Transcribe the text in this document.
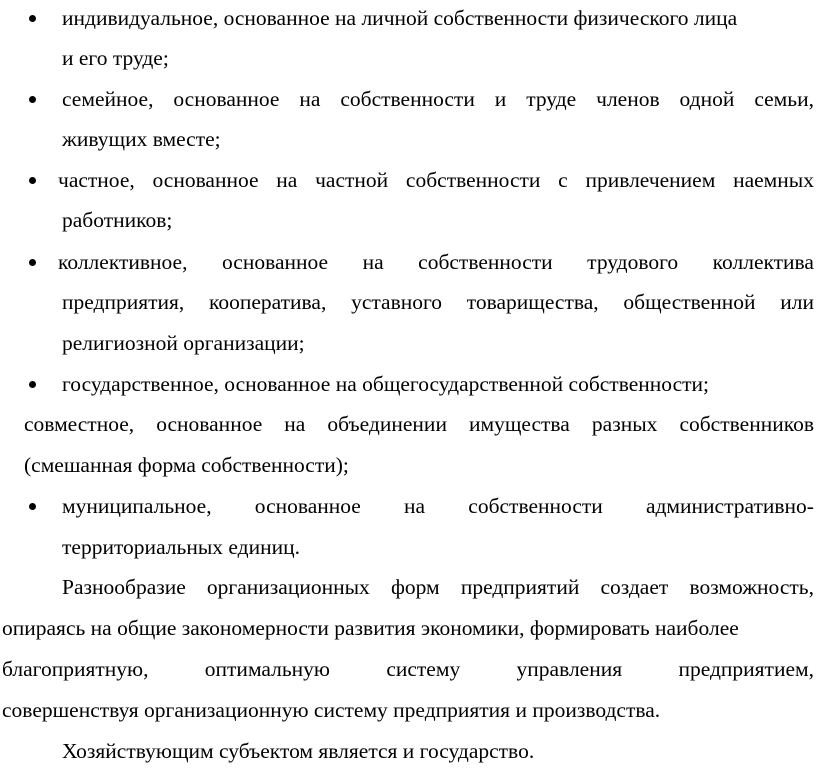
индивидуальное, основанное на личной собственности физического лица
и его труде;
семейное, основанное на собственности и труде членов одной семьи,
живущих вместе;
частное, основанное на частной собственности с привлечением наемных
работников;
коллективное, основанное на собственности трудового коллектива
предприятия, кооператива, уставного товарищества, общественной или
религиозной организации;
государственное, основанное на общегосударственной собственности;
совместное, основанное на объединении имущества разных собственников
(смешанная форма собственности);
муниципальное, основанное на собственности административно-
территориальных единиц.
Разнообразие организационных форм предприятий создает возможность,
опираясь на общие закономерности развития экономики, формировать наиболее
благоприятную,	оптимальную	систему	управления	предприятием,
совершенствуя организационную систему предприятия и производства.
Хозяйствующим субъектом является и государство.
